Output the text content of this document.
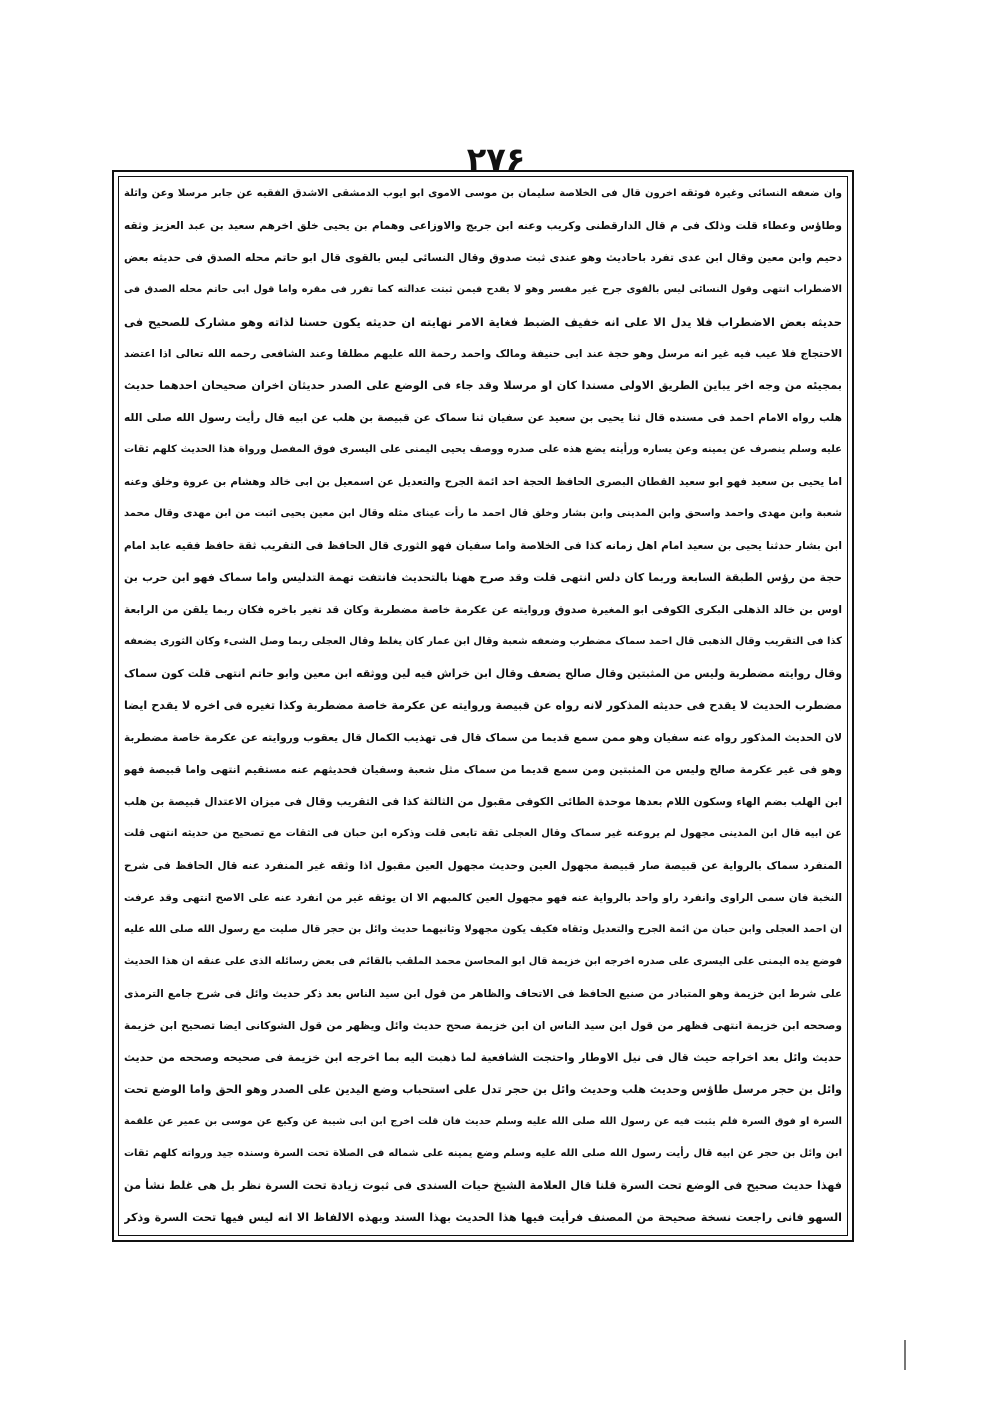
۲۷۶
وان ضعفه النسائی وغیرہ فوثقه اخرون قال فی الخلاصة سلیمان بن موسی الاموی ابو ایوب الدمشقی الاشدق الفقیه عن جابر مرسلا وعن واثلة
وطاؤس وعطاء قلت وذلک فی م قال الدارقطنی وکریب وعنه ابن جریج والاوزاعی وهمام بن یحیی خلق اخرهم سعید بن عبد العزیز وثقه
دحیم وابن معین وقال ابن عدی تفرد باحادیث وهو عندی ثبت صدوق وقال النسائی لیس بالقوی قال ابو حاتم محله الصدق فی حدیثه بعض
الاضطراب انتهی وقول النسائی لیس بالقوی جرح غیر مفسر وهو لا یقدح فیمن ثبتت عدالته کما تقرر فی مقره واما قول ابی حاتم محله الصدق فی
حدیثه بعض الاضطراب فلا یدل الا علی انه خفیف الضبط فغایة الامر نهایته ان حدیثه یکون حسنا لذاته وهو مشارک للصحیح فی
الاحتجاج فلا عیب فیه غیر انه مرسل وهو حجة عند ابی حنیفة ومالک واحمد رحمة الله علیهم مطلقا وعند الشافعی رحمه الله تعالی اذا اعتضد
بمجیئه من وجه اخر یباین الطریق الاولی مسندا کان او مرسلا وقد جاء فی الوضع علی الصدر حدیثان اخران صحیحان احدهما حدیث
هلب رواه الامام احمد فی مسنده قال ثنا یحیی بن سعید عن سفیان ثنا سماک عن قبیصة بن هلب عن ابیه قال رأیت رسول الله صلی الله
علیه وسلم ینصرف عن یمینه وعن یساره ورأیته یضع هذه علی صدره ووصف یحیی الیمنی علی الیسری فوق المفصل ورواة هذا الحدیث کلهم ثقات
اما یحیی بن سعید فهو ابو سعید القطان البصری الحافظ الحجة احد ائمة الجرح والتعدیل عن اسمعیل بن ابی خالد وهشام بن عروة وخلق وعنه
شعبة وابن مهدی واحمد واسحق وابن المدینی وابن بشار وخلق قال احمد ما رأت عینای مثله وقال ابن معین یحیی اثبت من ابن مهدی وقال محمد
ابن بشار حدثنا یحیی بن سعید امام اهل زمانه کذا فی الخلاصة واما سفیان فهو الثوری قال الحافظ فی التقریب ثقة حافظ فقیه عابد امام
حجة من رؤس الطبقة السابعة وربما کان دلس انتهی قلت وقد صرح ههنا بالتحدیث فانتفت تهمة التدلیس واما سماک فهو ابن حرب بن
اوس بن خالد الذهلی البکری الکوفی ابو المغیرة صدوق وروایته عن عکرمة خاصة مضطربة وکان قد تغیر باخره فکان ربما یلقن من الرابعة
کذا فی التقریب وقال الذهبی قال احمد سماک مضطرب وضعفه شعبة وقال ابن عمار کان یغلط وقال العجلی ربما وصل الشیء وکان الثوری یضعفه
وقال روایته مضطربة ولیس من المثبتین وقال صالح یضعف وقال ابن خراش فیه لین ووثقه ابن معین وابو حاتم انتهی قلت کون سماک
مضطرب الحدیث لا یقدح فی حدیثه المذکور لانه رواه عن قبیصة وروایته عن عکرمة خاصة مضطربة وکذا تغیره فی اخره لا یقدح ایضا
لان الحدیث المذکور رواه عنه سفیان وهو ممن سمع قدیما من سماک قال فی تهذیب الکمال قال یعقوب وروایته عن عکرمة خاصة مضطربة
وهو فی غیر عکرمة صالح ولیس من المثبتین ومن سمع قدیما من سماک مثل شعبة وسفیان فحدیثهم عنه مستقیم انتهی واما قبیصة فهو
ابن الهلب بضم الهاء وسکون اللام بعدها موحدة الطائی الکوفی مقبول من الثالثة کذا فی التقریب وقال فی میزان الاعتدال قبیصة بن هلب
عن ابیه قال ابن المدینی مجهول لم یروعنه غیر سماک وقال العجلی ثقة تابعی قلت وذکره ابن حبان فی الثقات مع تصحیح من حدیثه انتهی قلت
المنفرد سماک بالروایة عن قبیصة صار قبیصة مجهول العین وحدیث مجهول العین مقبول اذا وثقه غیر المنفرد عنه قال الحافظ فی شرح
النخبة فان سمی الراوی وانفرد راو واحد بالروایة عنه فهو مجهول العین کالمبهم الا ان یوثقه غیر من انفرد عنه علی الاصح انتهی وقد عرفت
ان احمد العجلی وابن حبان من ائمة الجرح والتعدیل وثقاه فکیف یکون مجهولا وثانیهما حدیث وائل بن حجر قال صلیت مع رسول الله صلی الله علیه
فوضع یده الیمنی علی الیسری علی صدره اخرجه ابن خزیمة قال ابو المحاسن محمد الملقب بالقائم فی بعض رسائله الذی علی عنقه ان هذا الحدیث
علی شرط ابن خزیمة وهو المتبادر من صنیع الحافظ فی الاتحاف والظاهر من قول ابن سید الناس بعد ذکر حدیث وائل فی شرح جامع الترمذی
وصححه ابن خزیمة انتهی فظهر من قول ابن سید الناس ان ابن خزیمة صحح حدیث وائل ویظهر من قول الشوکانی ایضا تصحیح ابن خزیمة
حدیث وائل بعد اخراجه حیث قال فی نیل الاوطار واحتجت الشافعیة لما ذهبت الیه بما اخرجه ابن خزیمة فی صحیحه وصححه من حدیث
وائل بن حجر مرسل طاؤس وحدیث هلب وحدیث وائل بن حجر تدل علی استحباب وضع الیدین علی الصدر وهو الحق واما الوضع تحت
السرة او فوق السرة فلم یثبت فیه عن رسول الله صلی الله علیه وسلم حدیث فان قلت اخرج ابن ابی شیبة عن وکیع عن موسی بن عمیر عن علقمة
ابن وائل بن حجر عن ابیه قال رأیت رسول الله صلی الله علیه وسلم وضع یمینه علی شماله فی الصلاة تحت السرة وسنده جید ورواته کلهم ثقات
فهذا حدیث صحیح فی الوضع تحت السرة قلنا قال العلامة الشیخ حیات السندی فی ثبوت زیادة تحت السرة نظر بل هی غلط نشأ من
السهو فانی راجعت نسخة صحیحة من المصنف فرأیت فیها هذا الحدیث بهذا السند وبهذه الالفاظ الا انه لیس فیها تحت السرة وذکر
